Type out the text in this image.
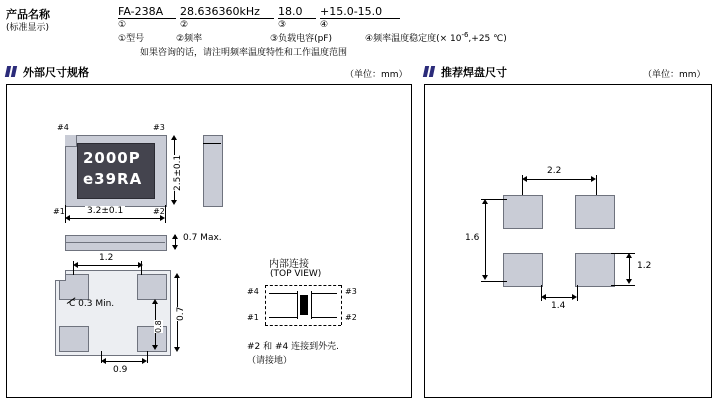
产品名称
(标准显示)
FA-238A 28.636360kHz 18.0 +15.0-15.0
①	②	③	④
①型号	②频率	③负载电容(pF)	④频率温度稳定度(× 10-6,+25 ℃)
如果咨询的话，请注明频率温度特性和工作温度范围
外部尺寸规格	（单位：mm）	推荐焊盘尺寸	（单位：mm）
2000P
e39RA
#4	#3
#1	#2
3.2±0.1
2.5±0.1
0.7 Max.
1.2
0.9
0.7
0.8
C 0.3 Min.
内部连接
(TOP VIEW)
#4	#3
#1	#2
#2 和 #4 连接到外壳.
（请接地）
2.2
1.6
1.2
1.4
